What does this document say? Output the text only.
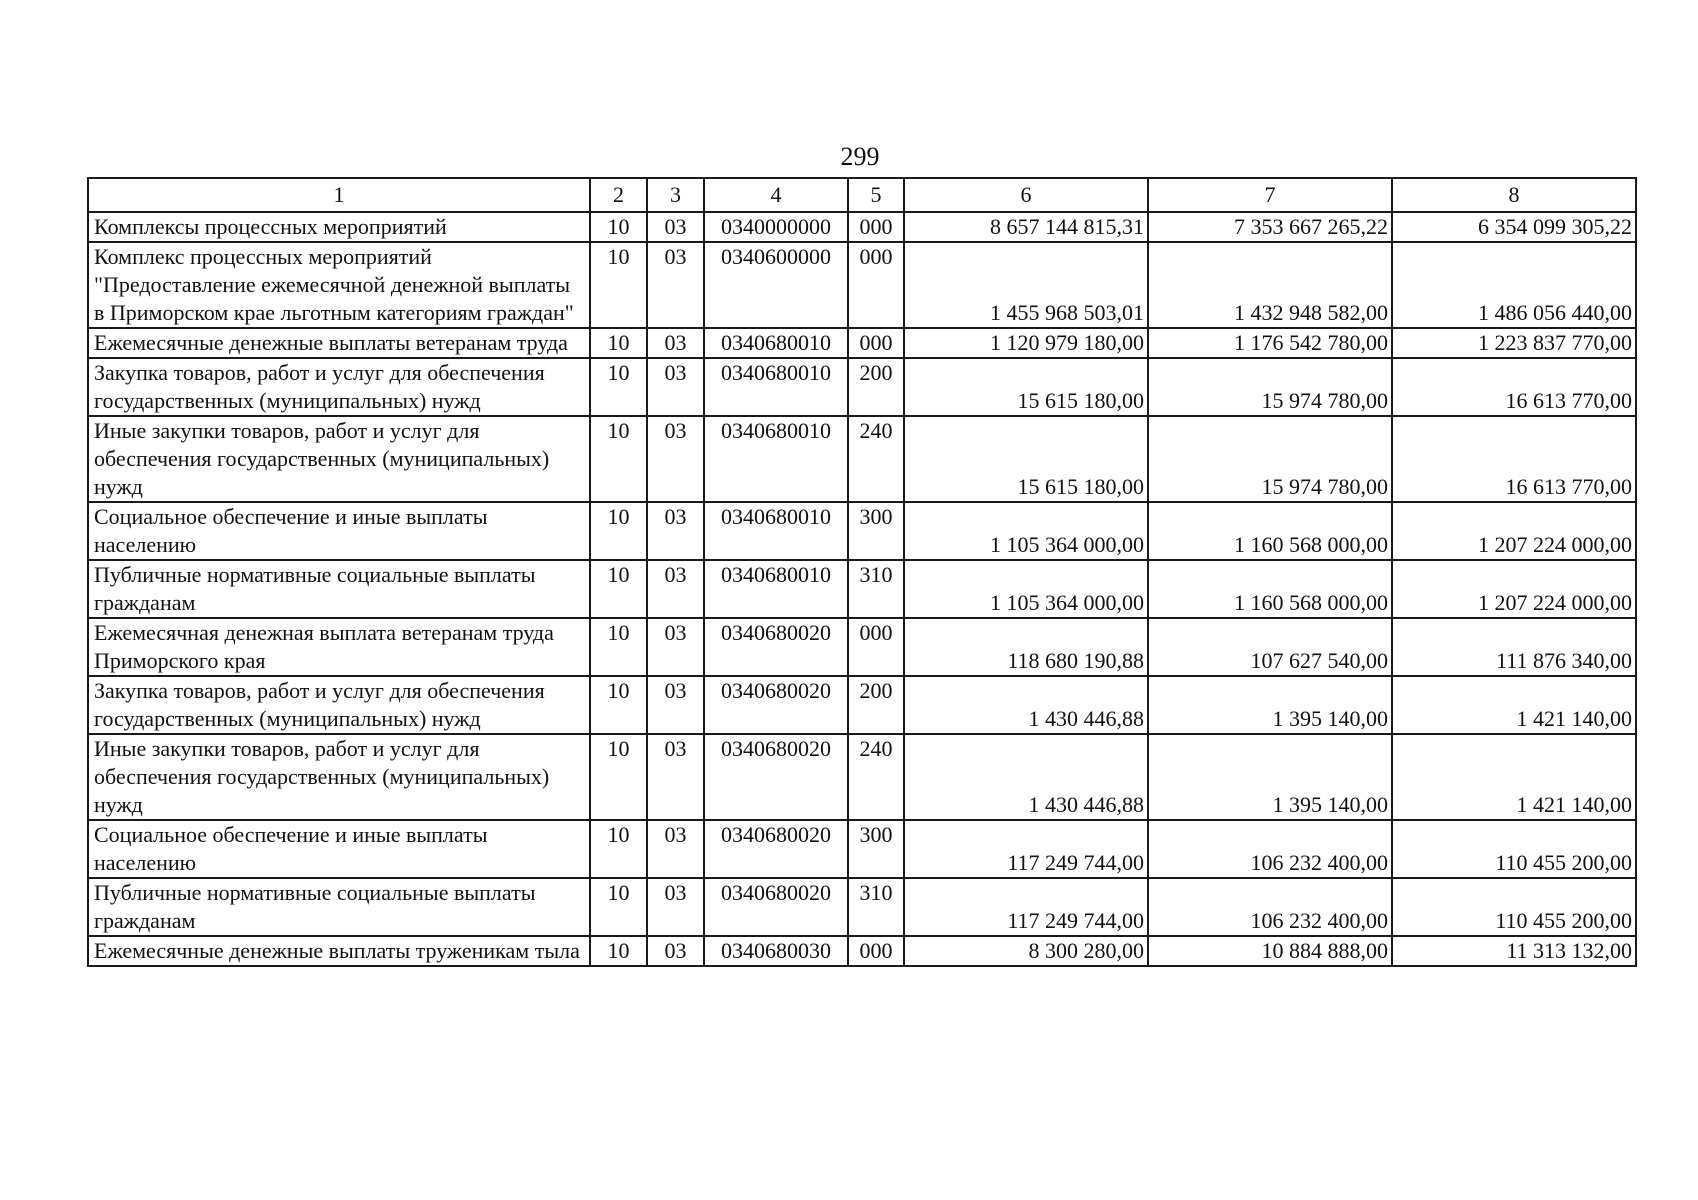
299
1	2	3	4	5	6	7	8
Комплексы процессных мероприятий	10	03	0340000000	000	8 657 144 815,31	7 353 667 265,22	6 354 099 305,22
Комплекс процессных мероприятий "Предоставление ежемесячной денежной выплаты в Приморском крае льготным категориям граждан"	10	03	0340600000	000	1 455 968 503,01	1 432 948 582,00	1 486 056 440,00
Ежемесячные денежные выплаты ветеранам труда	10	03	0340680010	000	1 120 979 180,00	1 176 542 780,00	1 223 837 770,00
Закупка товаров, работ и услуг для обеспечения государственных (муниципальных) нужд	10	03	0340680010	200	15 615 180,00	15 974 780,00	16 613 770,00
Иные закупки товаров, работ и услуг для обеспечения государственных (муниципальных) нужд	10	03	0340680010	240	15 615 180,00	15 974 780,00	16 613 770,00
Социальное обеспечение и иные выплаты населению	10	03	0340680010	300	1 105 364 000,00	1 160 568 000,00	1 207 224 000,00
Публичные нормативные социальные выплаты гражданам	10	03	0340680010	310	1 105 364 000,00	1 160 568 000,00	1 207 224 000,00
Ежемесячная денежная выплата ветеранам труда Приморского края	10	03	0340680020	000	118 680 190,88	107 627 540,00	111 876 340,00
Закупка товаров, работ и услуг для обеспечения государственных (муниципальных) нужд	10	03	0340680020	200	1 430 446,88	1 395 140,00	1 421 140,00
Иные закупки товаров, работ и услуг для обеспечения государственных (муниципальных) нужд	10	03	0340680020	240	1 430 446,88	1 395 140,00	1 421 140,00
Социальное обеспечение и иные выплаты населению	10	03	0340680020	300	117 249 744,00	106 232 400,00	110 455 200,00
Публичные нормативные социальные выплаты гражданам	10	03	0340680020	310	117 249 744,00	106 232 400,00	110 455 200,00
Ежемесячные денежные выплаты труженикам тыла	10	03	0340680030	000	8 300 280,00	10 884 888,00	11 313 132,00
